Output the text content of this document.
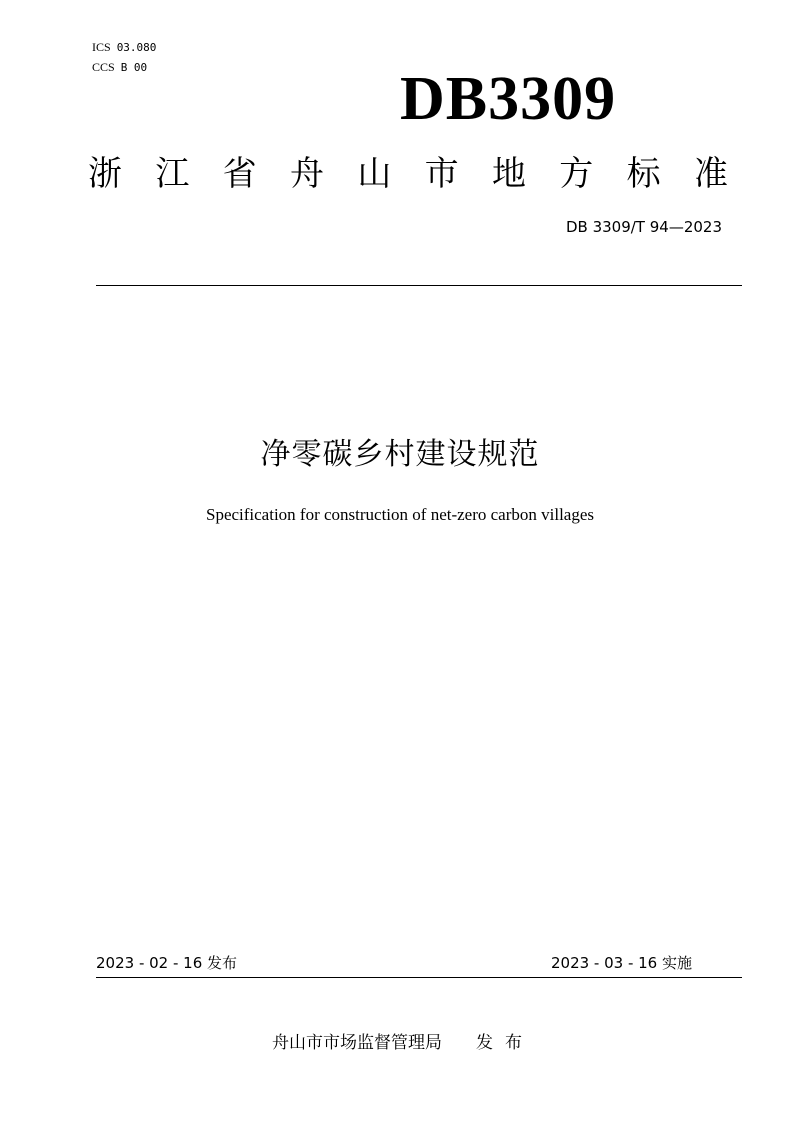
ICS 03.080
CCS B 00	DB3309
浙 江 省 舟 山 市 地 方 标 准
DB 3309/T 94—2023
净零碳乡村建设规范
Specification for construction of net-zero carbon villages
2023 - 02 - 16 发布	2023 - 03 - 16 实施
舟山市市场监督管理局 发布
